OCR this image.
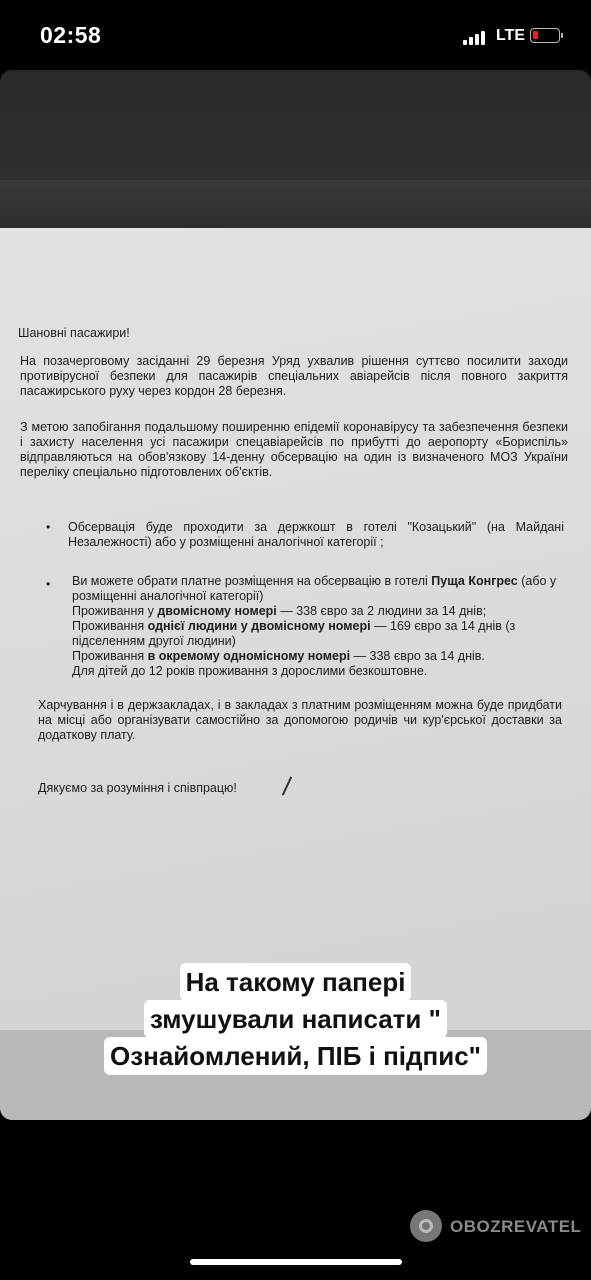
02:58	LTE

Шановні пасажири!

На позачерговому засіданні 29 березня Уряд ухвалив рішення суттєво посилити заходи противірусної безпеки для пасажирів спеціальних авіарейсів після повного закриття пасажирського руху через кордон 28 березня.

З метою запобігання подальшому поширенню епідемії коронавірусу та забезпечення безпеки і захисту населення усі пасажири спецавіарейсів по прибутті до аеропорту «Бориспіль» відправляються на обов'язкову 14-денну обсервацію на один із визначеного МОЗ України переліку спеціально підготовлених об'єктів.

• Обсервація буде проходити за держкошт в готелі "Козацький" (на Майдані Незалежності) або у розміщенні аналогічної категорії ;

• Ви можете обрати платне розміщення на обсервацію в готелі Пуща Конгрес (або у
розміщенні аналогічної категорії)
Проживання у двомісному номері — 338 євро за 2 людини за 14 днів;
Проживання однієї людини у двомісному номері — 169 євро за 14 днів (з
підселенням другої людини)
Проживання в окремому одномісному номері — 338 євро за 14 днів.
Для дітей до 12 років проживання з дорослими безкоштовне.

Харчування і в держзакладах, і в закладах з платним розміщенням можна буде придбати на місці або організувати самостійно за допомогою родичів чи кур'єрської доставки за додаткову плату.

Дякуємо за розуміння і співпрацю!

На такому папері
змушували написати "
Ознайомлений, ПІБ і підпис"
OBOZREVATEL
